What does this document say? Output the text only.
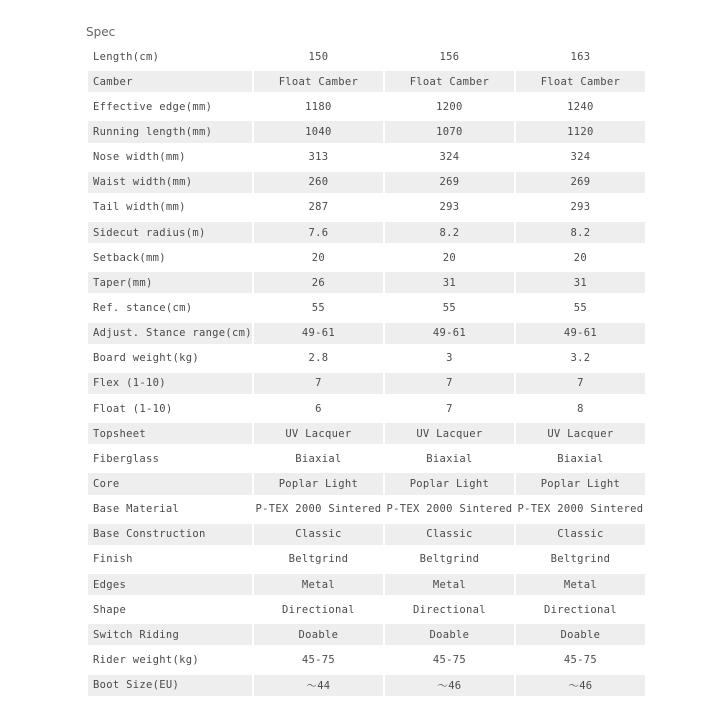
Spec
Length(cm)	150	156	163
Camber	Float Camber	Float Camber	Float Camber
Effective edge(mm)	1180	1200	1240
Running length(mm)	1040	1070	1120
Nose width(mm)	313	324	324
Waist width(mm)	260	269	269
Tail width(mm)	287	293	293
Sidecut radius(m)	7.6	8.2	8.2
Setback(mm)	20	20	20
Taper(mm)	26	31	31
Ref. stance(cm)	55	55	55
Adjust. Stance range(cm)	49-61	49-61	49-61
Board weight(kg)	2.8	3	3.2
Flex (1-10)	7	7	7
Float (1-10)	6	7	8
Topsheet	UV Lacquer	UV Lacquer	UV Lacquer
Fiberglass	Biaxial	Biaxial	Biaxial
Core	Poplar Light	Poplar Light	Poplar Light
Base Material	P-TEX 2000 Sintered	P-TEX 2000 Sintered	P-TEX 2000 Sintered
Base Construction	Classic	Classic	Classic
Finish	Beltgrind	Beltgrind	Beltgrind
Edges	Metal	Metal	Metal
Shape	Directional	Directional	Directional
Switch Riding	Doable	Doable	Doable
Rider weight(kg)	45-75	45-75	45-75
Boot Size(EU)	～44	～46	～46
